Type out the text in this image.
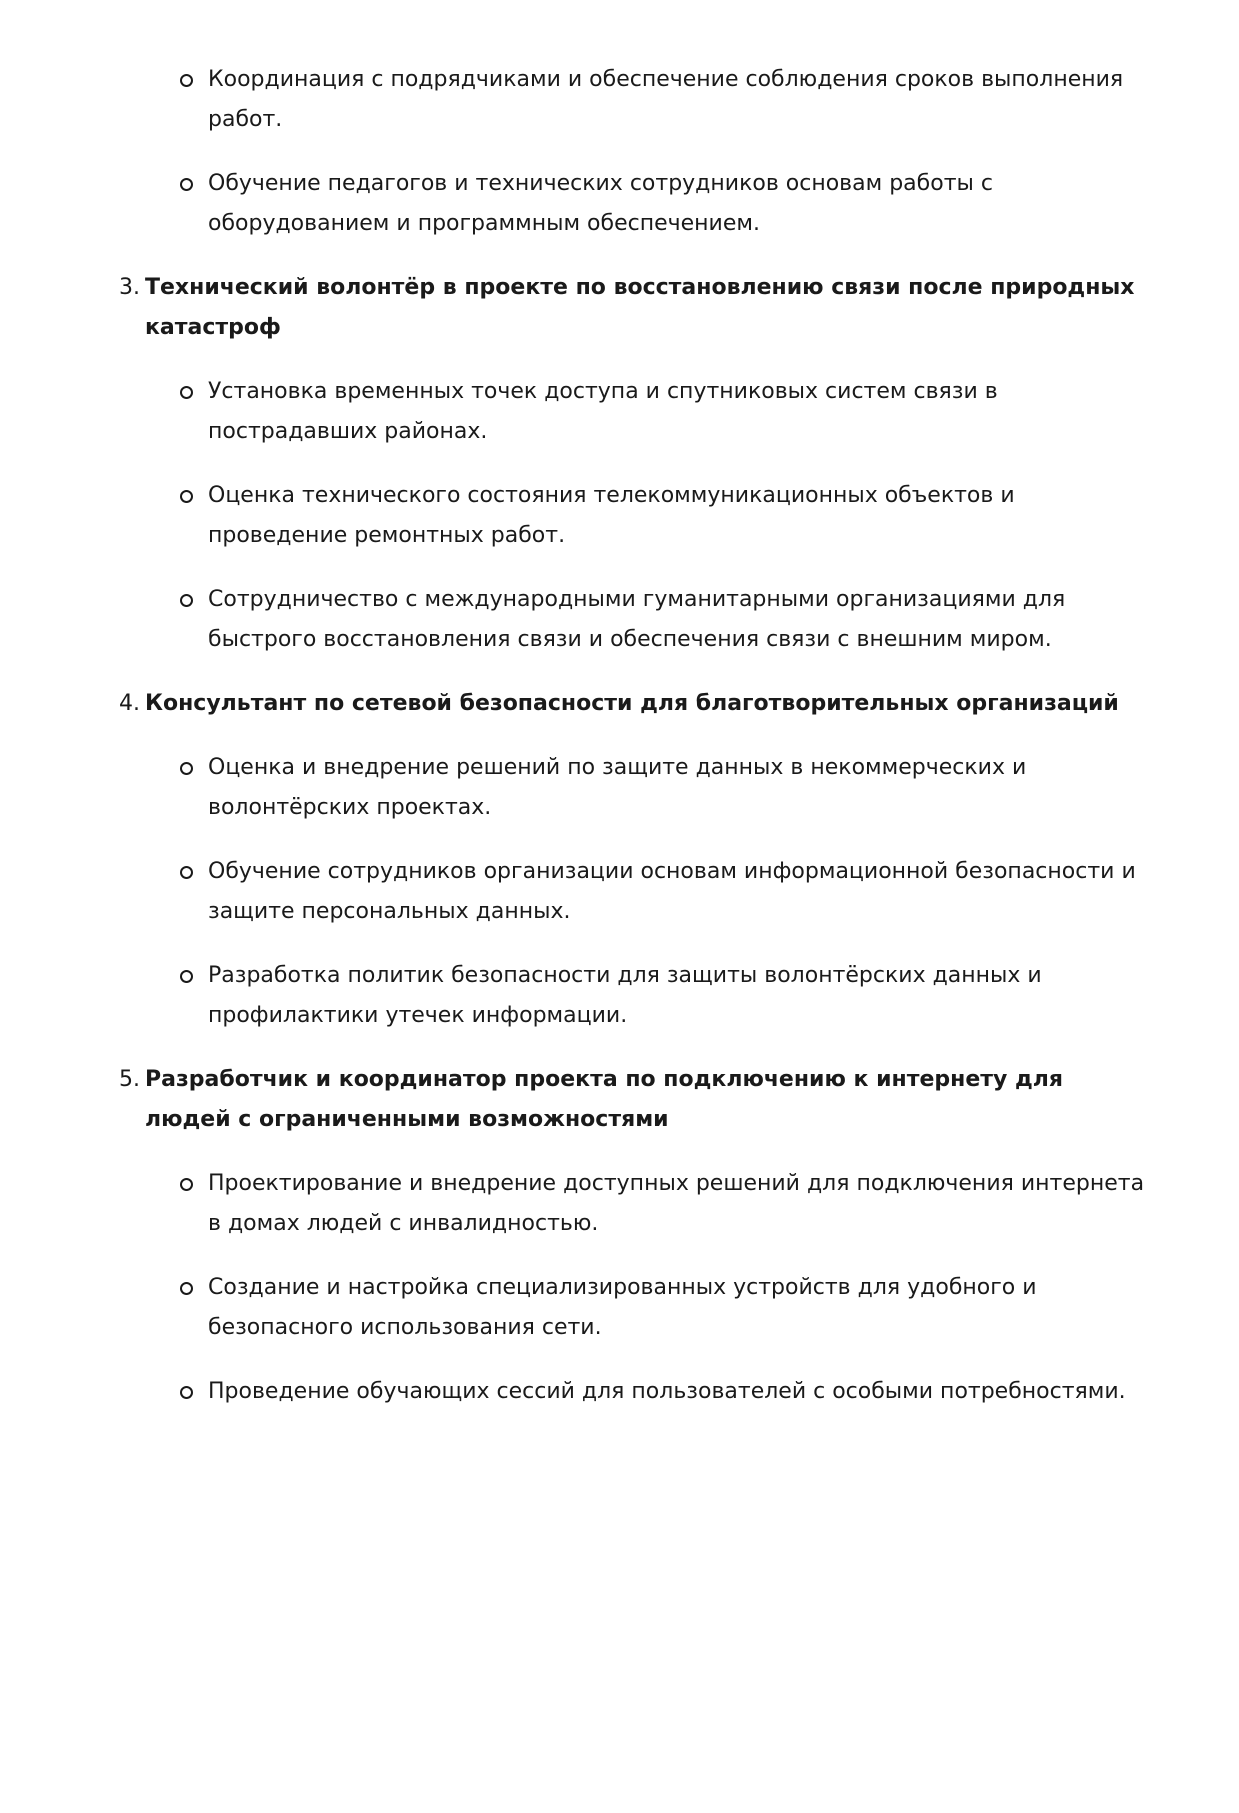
Координация с подрядчиками и обеспечение соблюдения сроков выполнения работ.
Обучение педагогов и технических сотрудников основам работы с оборудованием и программным обеспечением.
3. Технический волонтёр в проекте по восстановлению связи после природных катастроф
Установка временных точек доступа и спутниковых систем связи в пострадавших районах.
Оценка технического состояния телекоммуникационных объектов и проведение ремонтных работ.
Сотрудничество с международными гуманитарными организациями для быстрого восстановления связи и обеспечения связи с внешним миром.
4. Консультант по сетевой безопасности для благотворительных организаций
Оценка и внедрение решений по защите данных в некоммерческих и волонтёрских проектах.
Обучение сотрудников организации основам информационной безопасности и защите персональных данных.
Разработка политик безопасности для защиты волонтёрских данных и профилактики утечек информации.
5. Разработчик и координатор проекта по подключению к интернету для людей с ограниченными возможностями
Проектирование и внедрение доступных решений для подключения интернета в домах людей с инвалидностью.
Создание и настройка специализированных устройств для удобного и безопасного использования сети.
Проведение обучающих сессий для пользователей с особыми потребностями.
